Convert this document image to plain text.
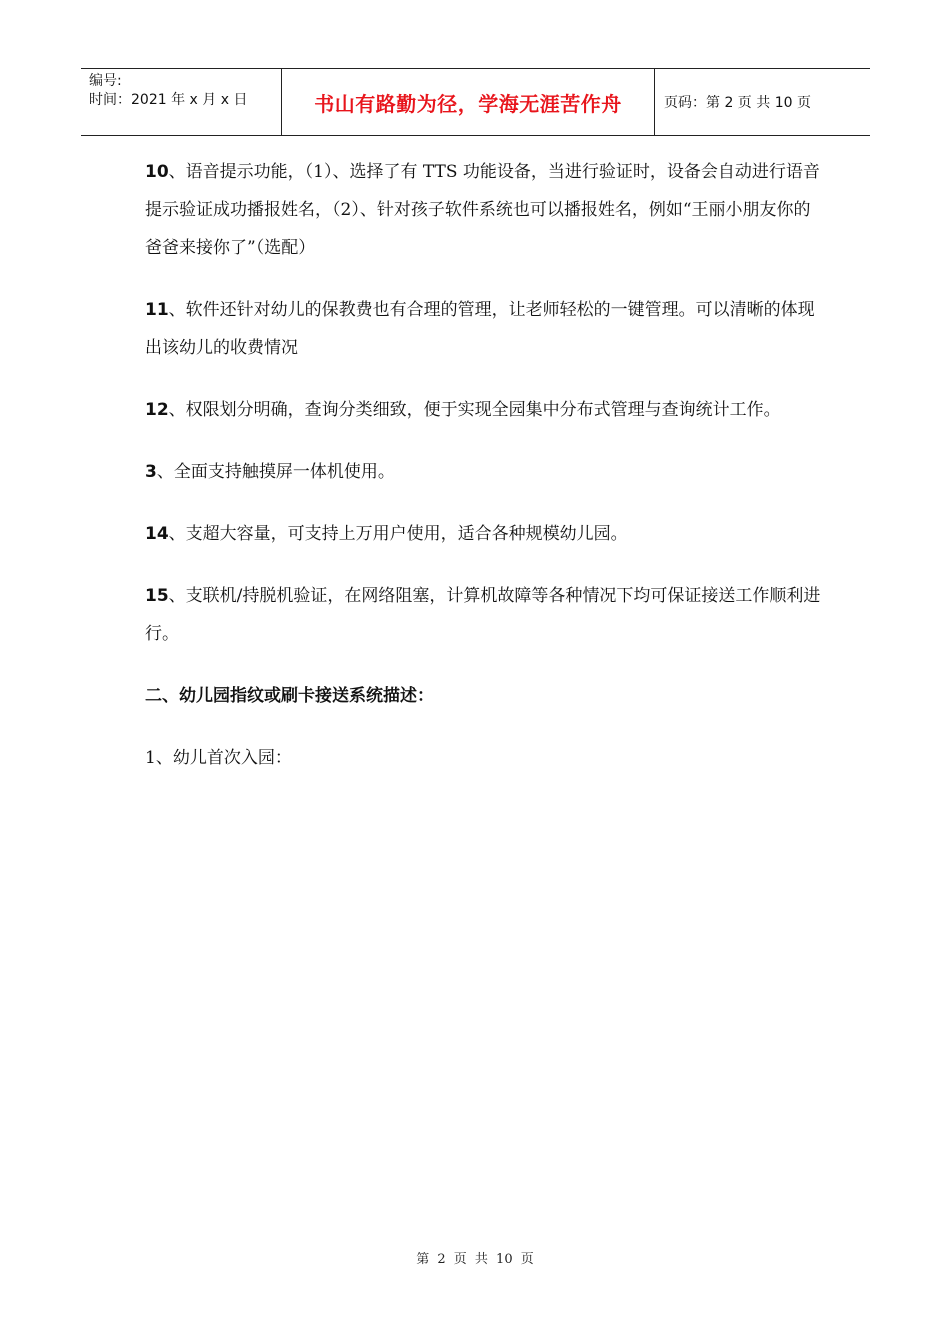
编号:
时间：2021 年 x 月 x 日	书山有路勤为径，学海无涯苦作舟	页码：第 2 页 共 10 页

10、语音提示功能，（1）、选择了有 TTS 功能设备，当进行验证时，设备会自动进行语音提示验证成功播报姓名，（2）、针对孩子软件系统也可以播报姓名，例如“王丽小朋友你的爸爸来接你了”（选配）

11、软件还针对幼儿的保教费也有合理的管理，让老师轻松的一键管理。可以清晰的体现出该幼儿的收费情况

12、权限划分明确，查询分类细致，便于实现全园集中分布式管理与查询统计工作。

3、全面支持触摸屏一体机使用。

14、支超大容量，可支持上万用户使用，适合各种规模幼儿园。

15、支联机/持脱机验证，在网络阻塞，计算机故障等各种情况下均可保证接送工作顺利进行。

二、幼儿园指纹或刷卡接送系统描述：

1、幼儿首次入园：

第 2 页 共 10 页
